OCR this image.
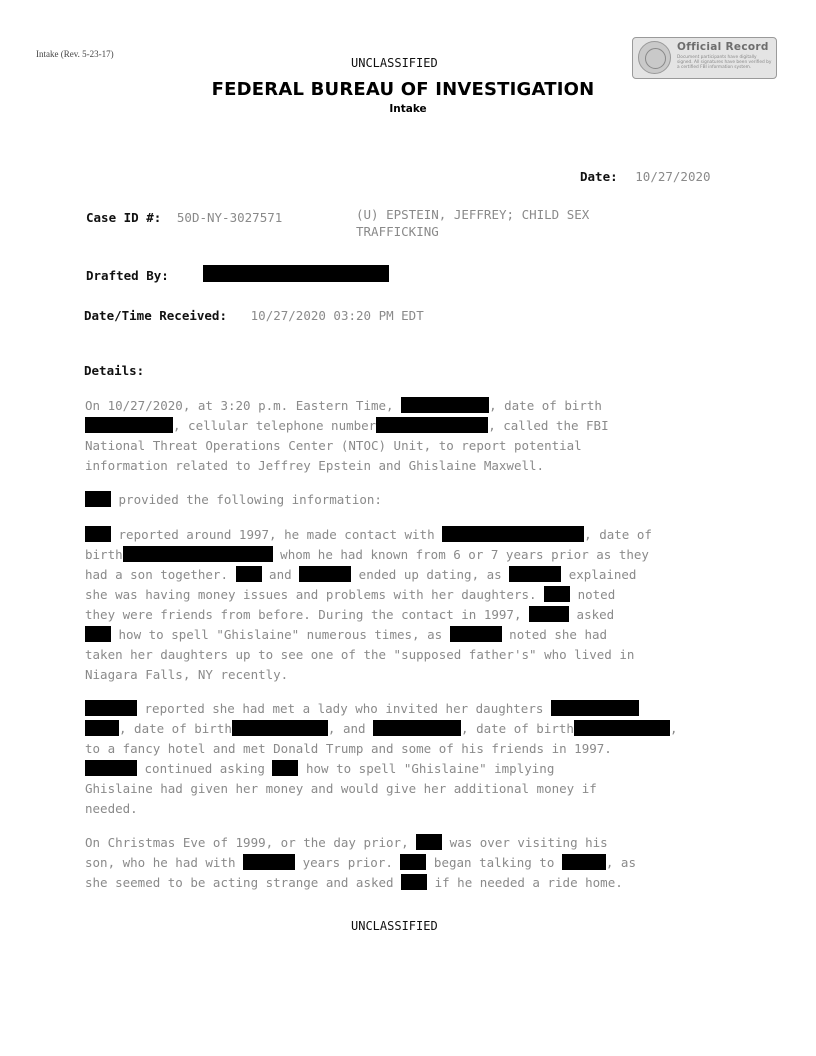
Intake (Rev. 5-23-17)
UNCLASSIFIED
Official Record
Document participants have digitally signed. All signatures have been verified by a certified FBI information system.
FEDERAL BUREAU OF INVESTIGATION
Intake
Date: 10/27/2020
Case ID #: 50D-NY-3027571	(U) EPSTEIN, JEFFREY; CHILD SEX
TRAFFICKING
Drafted By:
Date/Time Received: 10/27/2020 03:20 PM EDT
Details:
On 10/27/2020, at 3:20 p.m. Eastern Time,	, date of birth
, cellular telephone number	, called the FBI
National Threat Operations Center (NTOC) Unit, to report potential
information related to Jeffrey Epstein and Ghislaine Maxwell.
provided the following information:
reported around 1997, he made contact with	, date of
birth	whom he had known from 6 or 7 years prior as they
had a son together.  and	ended up dating, as	explained
she was having money issues and problems with her daughters.  noted
they were friends from before. During the contact in 1997,	asked
how to spell "Ghislaine" numerous times, as	noted she had
taken her daughters up to see one of the "supposed father's" who lived in
Niagara Falls, NY recently.
reported she had met a lady who invited her daughters
, date of birth	, and	, date of birth	,
to a fancy hotel and met Donald Trump and some of his friends in 1997.
continued asking  how to spell "Ghislaine" implying
Ghislaine had given her money and would give her additional money if
needed.
On Christmas Eve of 1999, or the day prior,  was over visiting his
son, who he had with	years prior.  began talking to	, as
she seemed to be acting strange and asked  if he needed a ride home.
UNCLASSIFIED
